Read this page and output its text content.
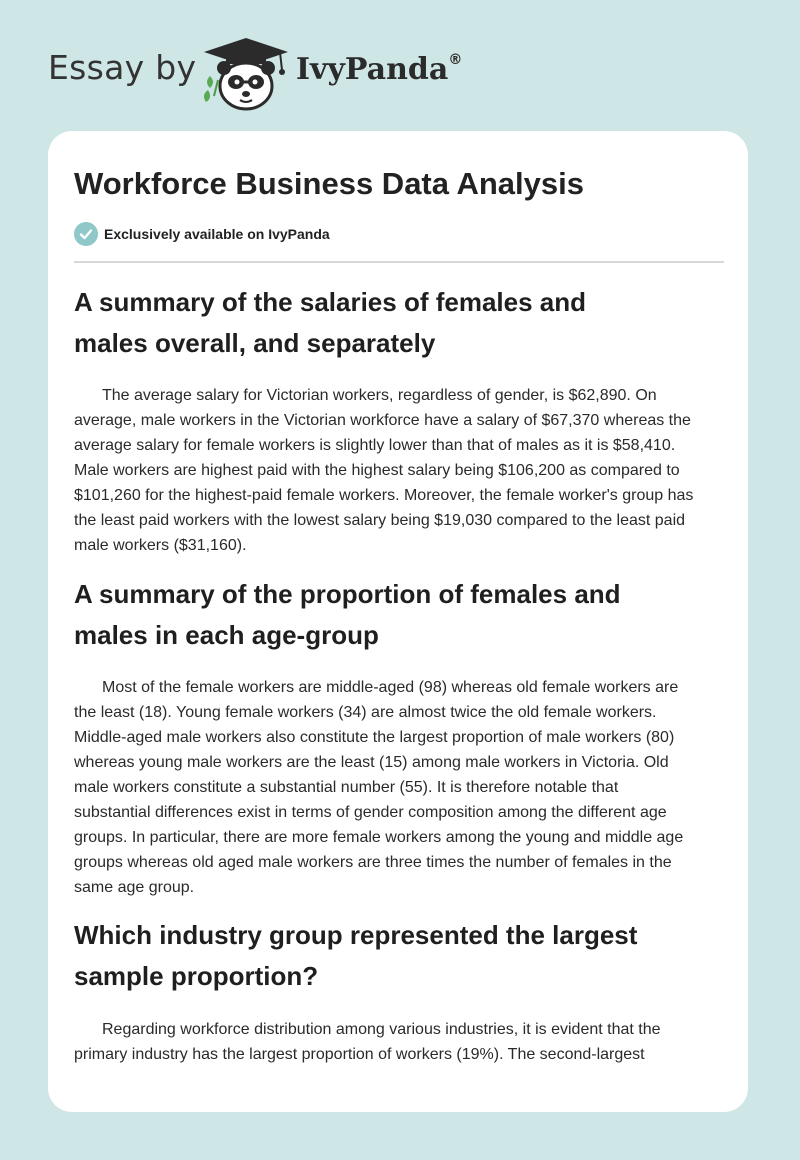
Essay by	IvyPanda®
Workforce Business Data Analysis
Exclusively available on IvyPanda
A summary of the salaries of females and
males overall, and separately

The average salary for Victorian workers, regardless of gender, is $62,890. On
average, male workers in the Victorian workforce have a salary of $67,370 whereas the
average salary for female workers is slightly lower than that of males as it is $58,410.
Male workers are highest paid with the highest salary being $106,200 as compared to
$101,260 for the highest-paid female workers. Moreover, the female worker's group has
the least paid workers with the lowest salary being $19,030 compared to the least paid
male workers ($31,160).

A summary of the proportion of females and
males in each age-group

Most of the female workers are middle-aged (98) whereas old female workers are
the least (18). Young female workers (34) are almost twice the old female workers.
Middle-aged male workers also constitute the largest proportion of male workers (80)
whereas young male workers are the least (15) among male workers in Victoria. Old
male workers constitute a substantial number (55). It is therefore notable that
substantial differences exist in terms of gender composition among the different age
groups. In particular, there are more female workers among the young and middle age
groups whereas old aged male workers are three times the number of females in the
same age group.

Which industry group represented the largest
sample proportion?

Regarding workforce distribution among various industries, it is evident that the
primary industry has the largest proportion of workers (19%). The second-largest
